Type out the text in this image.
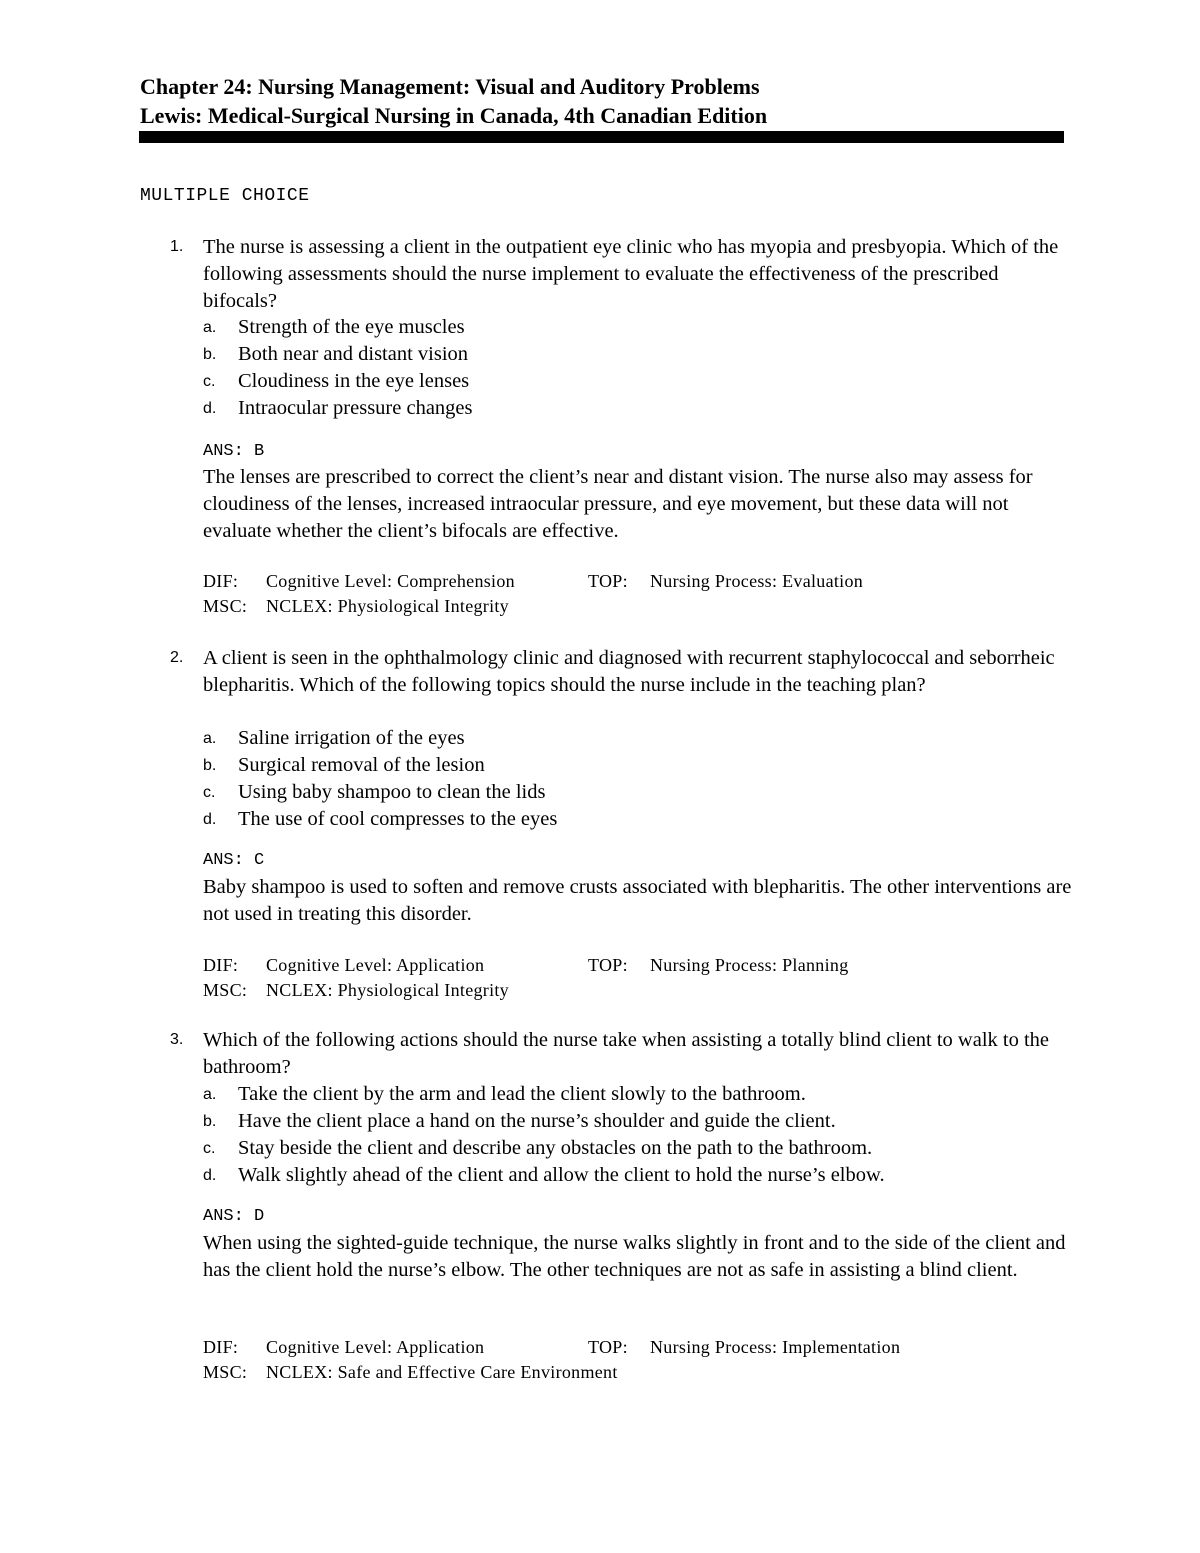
Chapter 24: Nursing Management: Visual and Auditory Problems
Lewis: Medical-Surgical Nursing in Canada, 4th Canadian Edition
MULTIPLE CHOICE
1. The nurse is assessing a client in the outpatient eye clinic who has myopia and presbyopia. Which of the following assessments should the nurse implement to evaluate the effectiveness of the prescribed bifocals?
a. Strength of the eye muscles
b. Both near and distant vision
c. Cloudiness in the eye lenses
d. Intraocular pressure changes
ANS: B
The lenses are prescribed to correct the client’s near and distant vision. The nurse also may assess for cloudiness of the lenses, increased intraocular pressure, and eye movement, but these data will not evaluate whether the client’s bifocals are effective.
DIF: Cognitive Level: Comprehension	TOP: Nursing Process: Evaluation
MSC: NCLEX: Physiological Integrity
2. A client is seen in the ophthalmology clinic and diagnosed with recurrent staphylococcal and seborrheic blepharitis. Which of the following topics should the nurse include in the teaching plan?
a. Saline irrigation of the eyes
b. Surgical removal of the lesion
c. Using baby shampoo to clean the lids
d. The use of cool compresses to the eyes
ANS: C
Baby shampoo is used to soften and remove crusts associated with blepharitis. The other interventions are not used in treating this disorder.
DIF: Cognitive Level: Application	TOP: Nursing Process: Planning
MSC: NCLEX: Physiological Integrity
3. Which of the following actions should the nurse take when assisting a totally blind client to walk to the bathroom?
a. Take the client by the arm and lead the client slowly to the bathroom.
b. Have the client place a hand on the nurse’s shoulder and guide the client.
c. Stay beside the client and describe any obstacles on the path to the bathroom.
d. Walk slightly ahead of the client and allow the client to hold the nurse’s elbow.
ANS: D
When using the sighted-guide technique, the nurse walks slightly in front and to the side of the client and has the client hold the nurse’s elbow. The other techniques are not as safe in assisting a blind client.
DIF: Cognitive Level: Application	TOP: Nursing Process: Implementation
MSC: NCLEX: Safe and Effective Care Environment
